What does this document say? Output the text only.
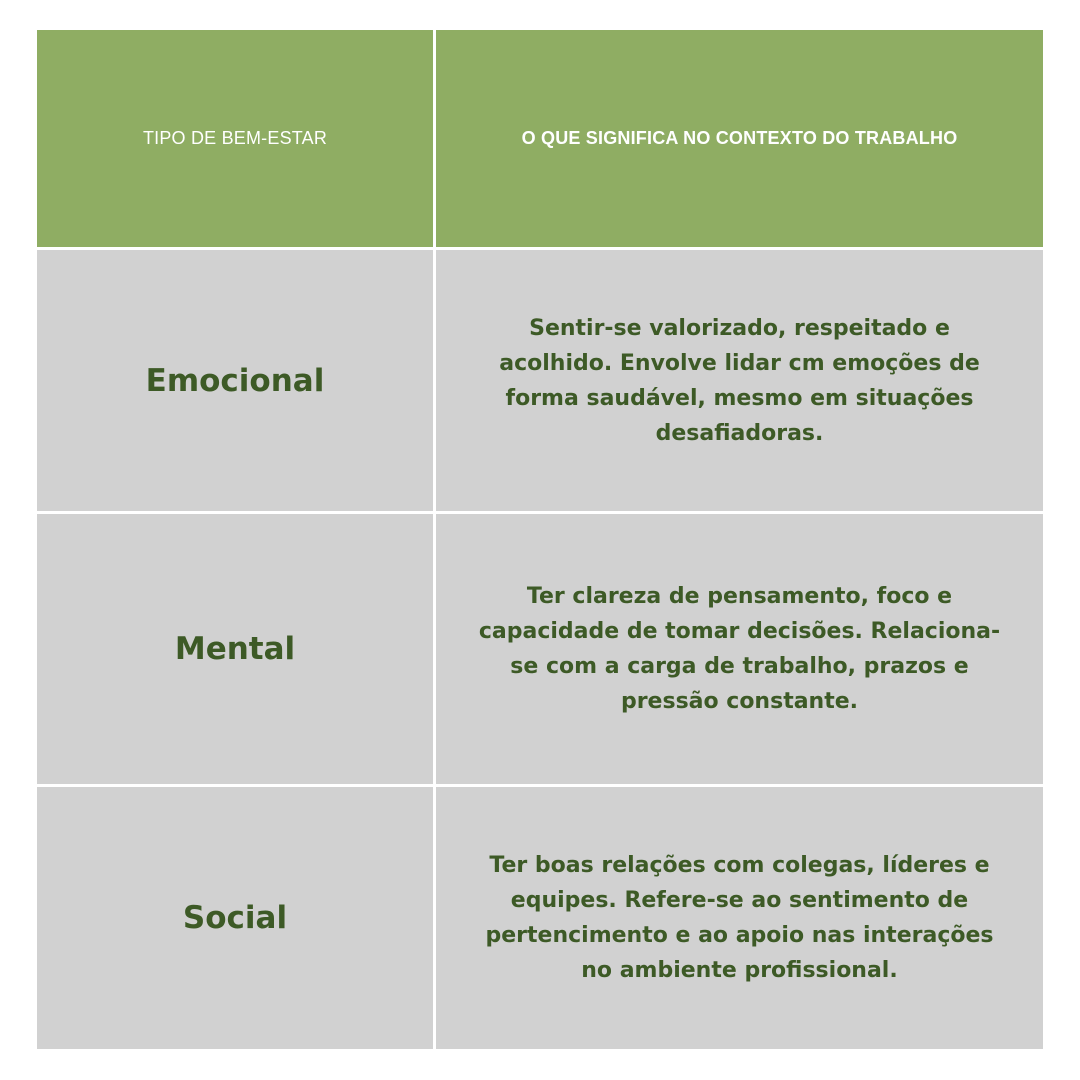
TIPO DE BEM-ESTAR	O QUE SIGNIFICA NO CONTEXTO DO TRABALHO
Emocional
Sentir-se valorizado, respeitado e
acolhido. Envolve lidar cm emoções de
forma saudável, mesmo em situações
desafiadoras.
Mental
Ter clareza de pensamento, foco e
capacidade de tomar decisões. Relaciona-
se com a carga de trabalho, prazos e
pressão constante.
Social
Ter boas relações com colegas, líderes e
equipes. Refere-se ao sentimento de
pertencimento e ao apoio nas interações
no ambiente profissional.
